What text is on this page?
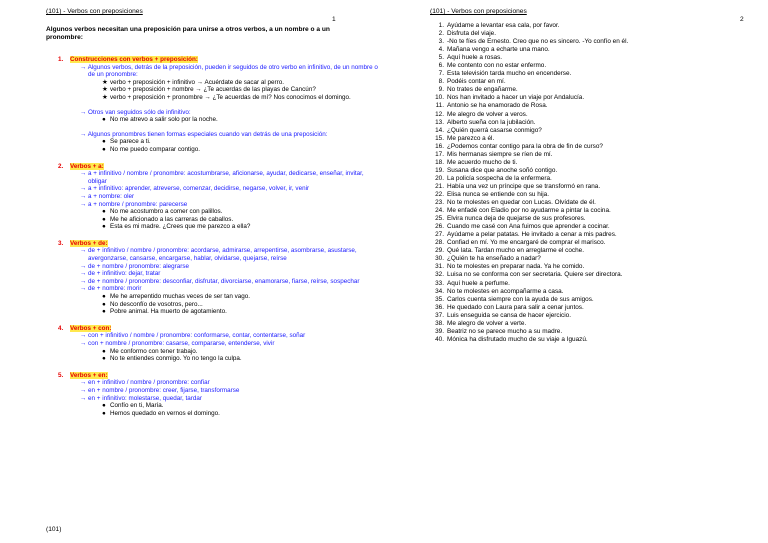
(101) - Verbos con preposiciones
1
Algunos verbos necesitan una preposición para unirse a otros verbos, a un nombre o a un pronombre:
1. Construcciones con verbos + preposición:
→ Algunos verbos, detrás de la preposición, pueden ir seguidos de otro verbo en infinitivo, de un nombre o de un pronombre:
★ verbo + preposición + infinitivo → Acuérdate de sacar al perro.
★ verbo + preposición + nombre → ¿Te acuerdas de las playas de Cancún?
★ verbo + preposición + pronombre → ¿Te acuerdas de mí? Nos conocimos el domingo.
→ Otros van seguidos sólo de infinitivo:
● No me atrevo a salir solo por la noche.
→ Algunos pronombres tienen formas especiales cuando van detrás de una preposición:
● Se parece a ti.
● No me puedo comparar contigo.
2. Verbos + a:
→ a + infinitivo / nombre / pronombre: acostumbrarse, aficionarse, ayudar, dedicarse, enseñar, invitar, obligar
→ a + infinitivo: aprender, atreverse, comenzar, decidirse, negarse, volver, ir, venir
→ a + nombre: oler
→ a + nombre / pronombre: parecerse
● No me acostumbro a comer con palillos.
● Me he aficionado a las carreras de caballos.
● Esta es mi madre. ¿Crees que me parezco a ella?
3. Verbos + de:
→ de + infinitivo / nombre / pronombre: acordarse, admirarse, arrepentirse, asombrarse, asustarse, avergonzarse, cansarse, encargarse, hablar, olvidarse, quejarse, reírse
→ de + nombre / pronombre: alegrarse
→ de + infinitivo: dejar, tratar
→ de + nombre / pronombre: desconfiar, disfrutar, divorciarse, enamorarse, fiarse, reírse, sospechar
→ de + nombre: morir
● Me he arrepentido muchas veces de ser tan vago.
● No desconfío de vosotros, pero...
● Pobre animal. Ha muerto de agotamiento.
4. Verbos + con:
→ con + infinitivo / nombre / pronombre: conformarse, contar, contentarse, soñar
→ con + nombre / pronombre: casarse, compararse, entenderse, vivir
● Me conformo con tener trabajo.
● No te entiendes conmigo. Yo no tengo la culpa.
5. Verbos + en:
→ en + infinitivo / nombre / pronombre: confiar
→ en + nombre / pronombre: creer, fijarse, transformarse
→ en + infinitivo: molestarse, quedar, tardar
● Confío en ti, María.
● Hemos quedado en vernos el domingo.
(101)
(101) - Verbos con preposiciones
2
1. Ayúdame a levantar esa cala, por favor.
2. Disfruta del viaje.
3. -No te fíes de Ernesto. Creo que no es sincero. -Yo confío en él.
4. Mañana vengo a echarte una mano.
5. Aquí huele a rosas.
6. Me contento con no estar enfermo.
7. Esta televisión tarda mucho en encenderse.
8. Podéis contar en mí.
9. No trates de engañarme.
10. Nos han invitado a hacer un viaje por Andalucía.
11. Antonio se ha enamorado de Rosa.
12. Me alegro de volver a veros.
13. Alberto sueña con la jubilación.
14. ¿Quién querrá casarse conmigo?
15. Me parezco a él.
16. ¿Podemos contar contigo para la obra de fin de curso?
17. Mis hermanas siempre se ríen de mí.
18. Me acuerdo mucho de ti.
19. Susana dice que anoche soñó contigo.
20. La policía sospecha de la enfermera.
21. Había una vez un príncipe que se transformó en rana.
22. Elisa nunca se entiende con su hija.
23. No te molestes en quedar con Lucas. Olvídate de él.
24. Me enfadé con Eladio por no ayudarme a pintar la cocina.
25. Elvira nunca deja de quejarse de sus profesores.
26. Cuando me casé con Ana fuimos que aprender a cocinar.
27. Ayúdame a pelar patatas. He invitado a cenar a mis padres.
28. Confiad en mí. Yo me encargaré de comprar el marisco.
29. Qué lata. Tardan mucho en arreglarme el coche.
30. ¿Quién te ha enseñado a nadar?
31. No te molestes en preparar nada. Ya he comido.
32. Luisa no se conforma con ser secretaria. Quiere ser directora.
33. Aquí huele a perfume.
34. No te molestes en acompañarme a casa.
35. Carlos cuenta siempre con la ayuda de sus amigos.
36. He quedado con Laura para salir a cenar juntos.
37. Luis enseguida se cansa de hacer ejercicio.
38. Me alegro de volver a verte.
39. Beatriz no se parece mucho a su madre.
40. Mónica ha disfrutado mucho de su viaje a Iguazú.
